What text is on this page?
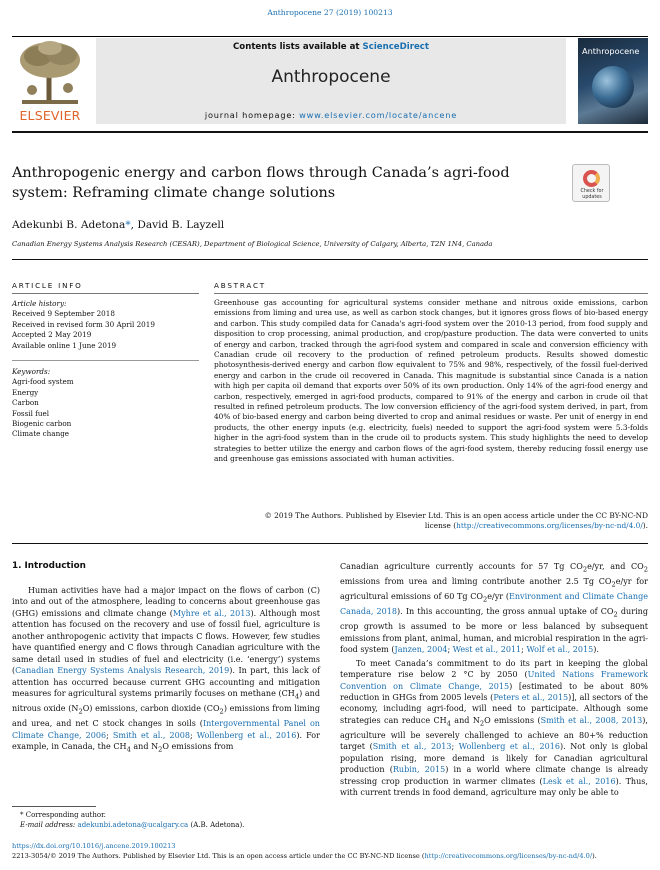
Anthropocene 27 (2019) 100213
ELSEVIER
Contents lists available at ScienceDirect
Anthropocene
journal homepage: www.elsevier.com/locate/ancene
Anthropocene
Anthropogenic energy and carbon flows through Canada’s agri-food system: Reframing climate change solutions	Check for updates
Adekunbi B. Adetona*, David B. Layzell
Canadian Energy Systems Analysis Research (CESAR), Department of Biological Science, University of Calgary, Alberta, T2N 1N4, Canada
ARTICLE INFO	ABSTRACT
Article history:
Received 9 September 2018
Received in revised form 30 April 2019
Accepted 2 May 2019
Available online 1 June 2019
Keywords:
Agri-food system
Energy
Carbon
Fossil fuel
Biogenic carbon
Climate change
Greenhouse gas accounting for agricultural systems consider methane and nitrous oxide emissions, carbon emissions from liming and urea use, as well as carbon stock changes, but it ignores gross flows of bio-based energy and carbon. This study compiled data for Canada's agri-food system over the 2010-13 period, from food supply and disposition to crop processing, animal production, and crop/pasture production. The data were converted to units of energy and carbon, tracked through the agri-food system and compared in scale and conversion efficiency with Canadian crude oil recovery to the production of refined petroleum products. Results showed domestic photosynthesis-derived energy and carbon flow equivalent to 75% and 98%, respectively, of the fossil fuel-derived energy and carbon in the crude oil recovered in Canada. This magnitude is substantial since Canada is a nation with high per capita oil demand that exports over 50% of its own production. Only 14% of the agri-food energy and carbon, respectively, emerged in agri-food products, compared to 91% of the energy and carbon in crude oil that resulted in refined petroleum products. The low conversion efficiency of the agri-food system derived, in part, from 40% of bio-based energy and carbon being diverted to crop and animal residues or waste. Per unit of energy in end products, the other energy inputs (e.g. electricity, fuels) needed to support the agri-food system were 5.3-folds higher in the agri-food system than in the crude oil to products system. This study highlights the need to develop strategies to better utilize the energy and carbon flows of the agri-food system, thereby reducing fossil energy use and greenhouse gas emissions associated with human activities.
© 2019 The Authors. Published by Elsevier Ltd. This is an open access article under the CC BY-NC-ND
license (http://creativecommons.org/licenses/by-nc-nd/4.0/).
1. Introduction

Human activities have had a major impact on the flows of carbon (C) into and out of the atmosphere, leading to concerns about greenhouse gas (GHG) emissions and climate change (Myhre et al., 2013). Although most attention has focused on the recovery and use of fossil fuel, agriculture is another anthropogenic activity that impacts C flows. However, few studies have quantified energy and C flows through Canadian agriculture with the same detail used in studies of fuel and electricity (i.e. ‘energy’) systems (Canadian Energy Systems Analysis Research, 2019). In part, this lack of attention has occurred because current GHG accounting and mitigation measures for agricultural systems primarily focuses on methane $(CH_4)$ and nitrous oxide $(N_2O)$ emissions, carbon dioxide $(CO_2)$ emissions from liming and urea, and net C stock changes in soils (Intergovernmental Panel on Climate Change, 2006; Smith et al., 2008; Wollenberg et al., 2016). For example, in Canada, the $CH_4$ and $N_2O$ emissions from

Canadian agriculture currently accounts for 57 Tg $CO_2e/yr$, and $CO_2$ emissions from urea and liming contribute another 2.5 Tg $CO_2e/yr$ for agricultural emissions of 60 Tg $CO_2e/yr$ (Environment and Climate Change Canada, 2018). In this accounting, the gross annual uptake of $CO_2$ during crop growth is assumed to be more or less balanced by subsequent emissions from plant, animal, human, and microbial respiration in the agri-food system (Janzen, 2004; West et al., 2011; Wolf et al., 2015).

To meet Canada’s commitment to do its part in keeping the global temperature rise below 2 °C by 2050 (United Nations Framework Convention on Climate Change, 2015) [estimated to be about 80% reduction in GHGs from 2005 levels (Peters et al., 2015)], all sectors of the economy, including agri-food, will need to participate. Although some strategies can reduce $CH_4$ and $N_2O$ emissions (Smith et al., 2008, 2013), agriculture will be severely challenged to achieve an 80+% reduction target (Smith et al., 2013; Wollenberg et al., 2016). Not only is global population rising, more demand is likely for Canadian agricultural production (Rubin, 2015) in a world where climate change is already stressing crop production in warmer climates (Lesk et al., 2016). Thus, with current trends in food demand, agriculture may only be able to

* Corresponding author.
E-mail address: adekunbi.adetona@ucalgary.ca (A.B. Adetona).
https://dx.doi.org/10.1016/j.ancene.2019.100213
2213-3054/© 2019 The Authors. Published by Elsevier Ltd. This is an open access article under the CC BY-NC-ND license (http://creativecommons.org/licenses/by-nc-nd/4.0/).
